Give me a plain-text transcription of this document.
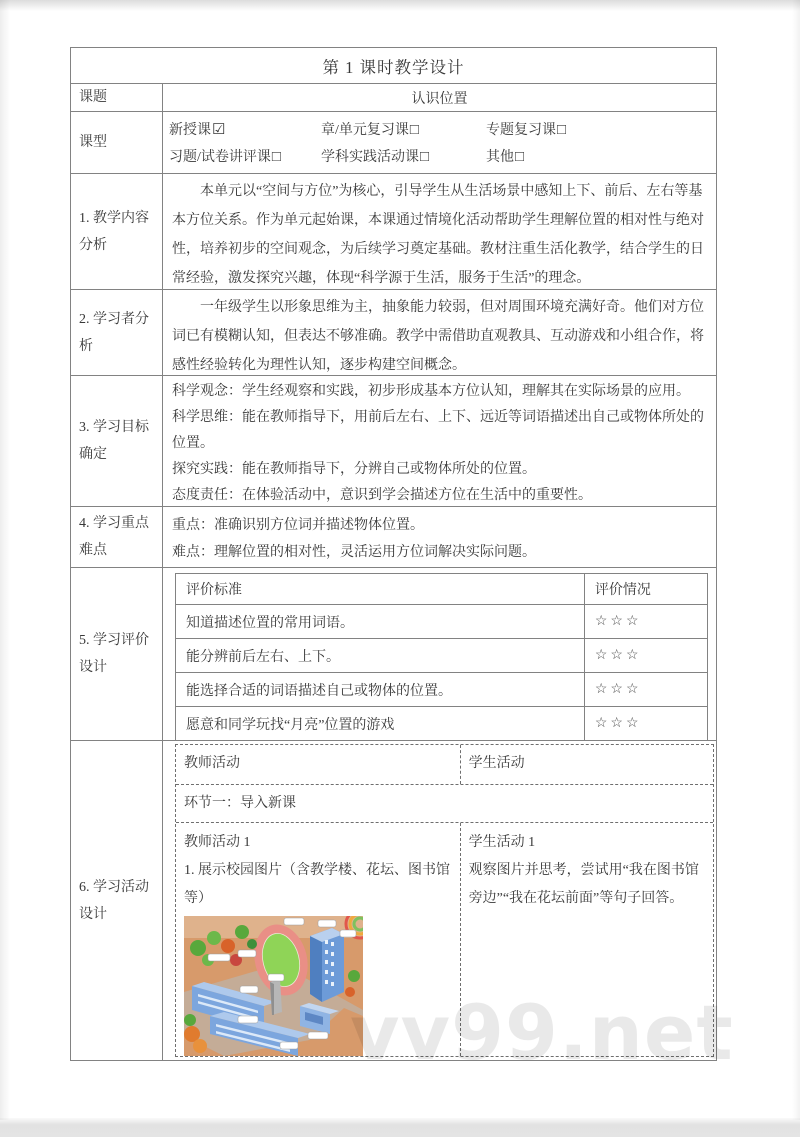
第 1 课时教学设计
课题	认识位置
课型
新授课☑	章/单元复习课□	专题复习课□
习题/试卷讲评课□	学科实践活动课□	其他□
1. 教学内容分析
本单元以“空间与方位”为核心，引导学生从生活场景中感知上下、前后、左右等基本方位关系。作为单元起始课，本课通过情境化活动帮助学生理解位置的相对性与绝对性，培养初步的空间观念，为后续学习奠定基础。教材注重生活化教学，结合学生的日常经验，激发探究兴趣，体现“科学源于生活，服务于生活”的理念。
2. 学习者分析
一年级学生以形象思维为主，抽象能力较弱，但对周围环境充满好奇。他们对方位词已有模糊认知，但表达不够准确。教学中需借助直观教具、互动游戏和小组合作，将感性经验转化为理性认知，逐步构建空间概念。
3. 学习目标确定
科学观念：学生经观察和实践，初步形成基本方位认知，理解其在实际场景的应用。
科学思维：能在教师指导下，用前后左右、上下、远近等词语描述出自己或物体所处的位置。
探究实践：能在教师指导下，分辨自己或物体所处的位置。
态度责任：在体验活动中，意识到学会描述方位在生活中的重要性。
4. 学习重点难点
重点：准确识别方位词并描述物体位置。
难点：理解位置的相对性，灵活运用方位词解决实际问题。
5. 学习评价设计
评价标准	评价情况
知道描述位置的常用词语。	☆☆☆
能分辨前后左右、上下。	☆☆☆
能选择合适的词语描述自己或物体的位置。	☆☆☆
愿意和同学玩找“月亮”位置的游戏	☆☆☆
6. 学习活动设计
教师活动	学生活动
环节一：导入新课
教师活动 1
1. 展示校园图片（含教学楼、花坛、图书馆等）
学生活动 1
观察图片并思考，尝试用“我在图书馆旁边”“我在花坛前面”等句子回答。
